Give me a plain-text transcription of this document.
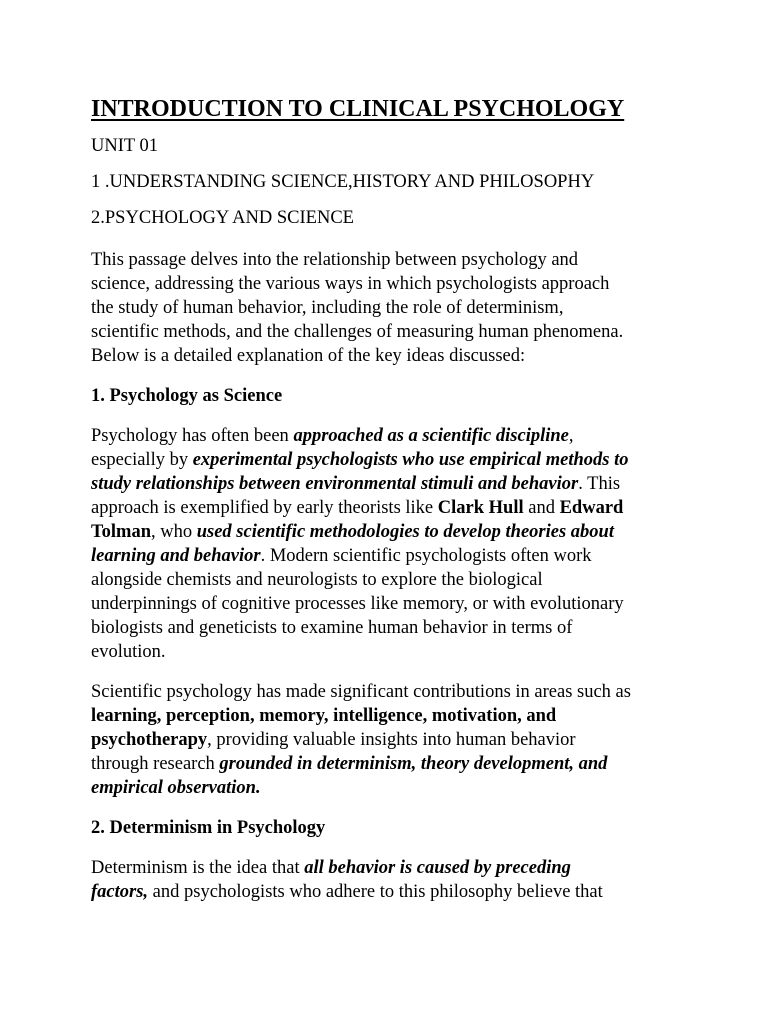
INTRODUCTION TO CLINICAL PSYCHOLOGY
UNIT 01
1 .UNDERSTANDING SCIENCE,HISTORY AND PHILOSOPHY
2.PSYCHOLOGY AND SCIENCE
This passage delves into the relationship between psychology and
science, addressing the various ways in which psychologists approach
the study of human behavior, including the role of determinism,
scientific methods, and the challenges of measuring human phenomena.
Below is a detailed explanation of the key ideas discussed:
1. Psychology as Science
Psychology has often been approached as a scientific discipline,
especially by experimental psychologists who use empirical methods to
study relationships between environmental stimuli and behavior. This
approach is exemplified by early theorists like Clark Hull and Edward
Tolman, who used scientific methodologies to develop theories about
learning and behavior. Modern scientific psychologists often work
alongside chemists and neurologists to explore the biological
underpinnings of cognitive processes like memory, or with evolutionary
biologists and geneticists to examine human behavior in terms of
evolution.
Scientific psychology has made significant contributions in areas such as
learning, perception, memory, intelligence, motivation, and
psychotherapy, providing valuable insights into human behavior
through research grounded in determinism, theory development, and
empirical observation.
2. Determinism in Psychology
Determinism is the idea that all behavior is caused by preceding
factors, and psychologists who adhere to this philosophy believe that
